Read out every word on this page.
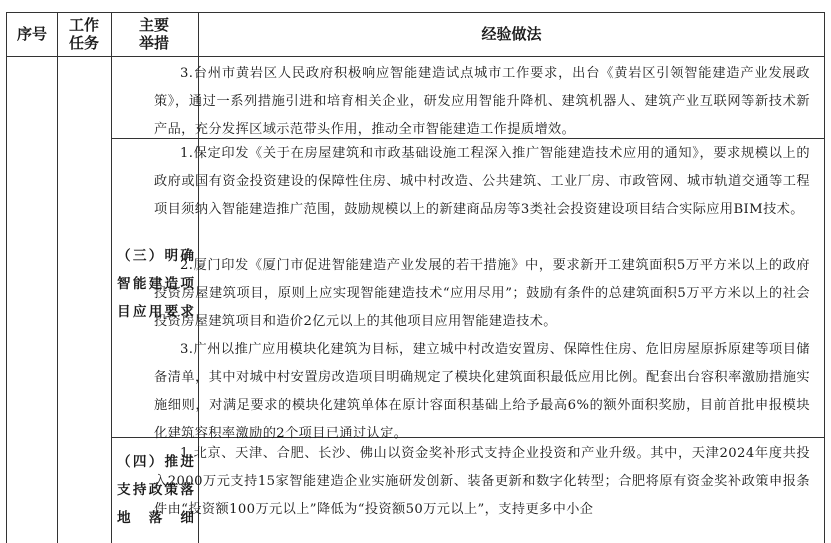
序号 工作任务
主要举措	经验做法
3.台州市黄岩区人民政府积极响应智能建造试点城市工作要求，出台《黄岩区引领智能建造产业发展政策》，通过一系列措施引进和培育相关企业，研发应用智能升降机、建筑机器人、建筑产业互联网等新技术新产品，充分发挥区域示范带头作用，推动全市智能建造工作提质增效。
（三）明确智能建造项目应用要求
1.保定印发《关于在房屋建筑和市政基础设施工程深入推广智能建造技术应用的通知》，要求规模以上的政府或国有资金投资建设的保障性住房、城中村改造、公共建筑、工业厂房、市政管网、城市轨道交通等工程项目须纳入智能建造推广范围，鼓励规模以上的新建商品房等3类社会投资建设项目结合实际应用BIM技术。
2.厦门印发《厦门市促进智能建造产业发展的若干措施》中，要求新开工建筑面积5万平方米以上的政府投资房屋建筑项目，原则上应实现智能建造技术“应用尽用”；鼓励有条件的总建筑面积5万平方米以上的社会投资房屋建筑项目和造价2亿元以上的其他项目应用智能建造技术。
3.广州以推广应用模块化建筑为目标，建立城中村改造安置房、保障性住房、危旧房屋原拆原建等项目储备清单，其中对城中村安置房改造项目明确规定了模块化建筑面积最低应用比例。配套出台容积率激励措施实施细则，对满足要求的模块化建筑单体在原计容面积基础上给予最高6%的额外面积奖励，目前首批申报模块化建筑容积率激励的2个项目已通过认定。
（四）推进支持政策落地落细
1.北京、天津、合肥、长沙、佛山以资金奖补形式支持企业投资和产业升级。其中，天津2024年度共投入2000万元支持15家智能建造企业实施研发创新、装备更新和数字化转型；合肥将原有资金奖补政策申报条件由“投资额100万元以上”降低为“投资额50万元以上”，支持更多中小企
